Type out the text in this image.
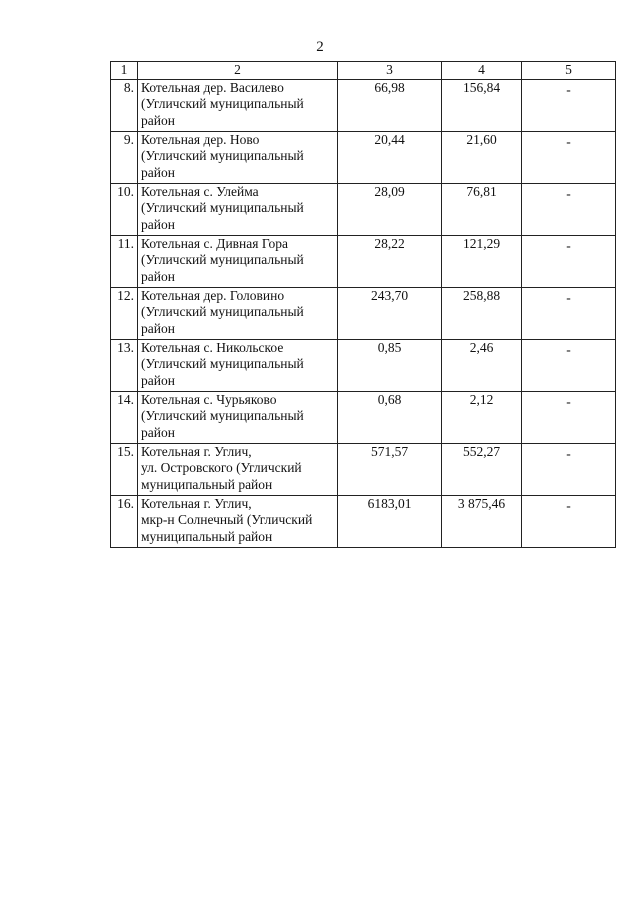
2
1	2	3	4	5
8.	Котельная дер. Василево
(Угличский муниципальный
район	66,98	156,84	-
9.	Котельная дер. Ново
(Угличский муниципальный
район	20,44	21,60	-
10.	Котельная с. Улейма
(Угличский муниципальный
район	28,09	76,81	-
11.	Котельная с. Дивная Гора
(Угличский муниципальный
район	28,22	121,29	-
12.	Котельная дер. Головино
(Угличский муниципальный
район	243,70	258,88	-
13.	Котельная с. Никольское
(Угличский муниципальный
район	0,85	2,46	-
14.	Котельная с. Чурьяково
(Угличский муниципальный
район	0,68	2,12	-
15.	Котельная г. Углич,
ул. Островского (Угличский
муниципальный район	571,57	552,27	-
16.	Котельная г. Углич,
мкр-н Солнечный (Угличский
муниципальный район	6183,01	3 875,46	-
